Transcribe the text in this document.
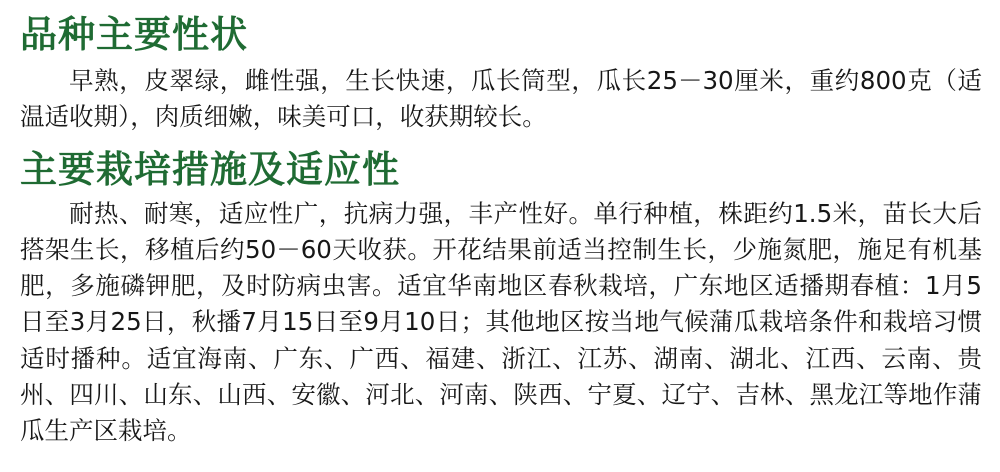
品种主要性状

早熟，皮翠绿，雌性强，生长快速，瓜长筒型，瓜长25－30厘米，重约800克（适温适收期），肉质细嫩，味美可口，收获期较长。

主要栽培措施及适应性

耐热、耐寒，适应性广，抗病力强，丰产性好。单行种植，株距约1.5米，苗长大后搭架生长，移植后约50－60天收获。开花结果前适当控制生长，少施氮肥，施足有机基肥，多施磷钾肥，及时防病虫害。适宜华南地区春秋栽培，广东地区适播期春植：1月5日至3月25日，秋播7月15日至9月10日；其他地区按当地气候蒲瓜栽培条件和栽培习惯适时播种。适宜海南、广东、广西、福建、浙江、江苏、湖南、湖北、江西、云南、贵州、四川、山东、山西、安徽、河北、河南、陕西、宁夏、辽宁、吉林、黑龙江等地作蒲瓜生产区栽培。
